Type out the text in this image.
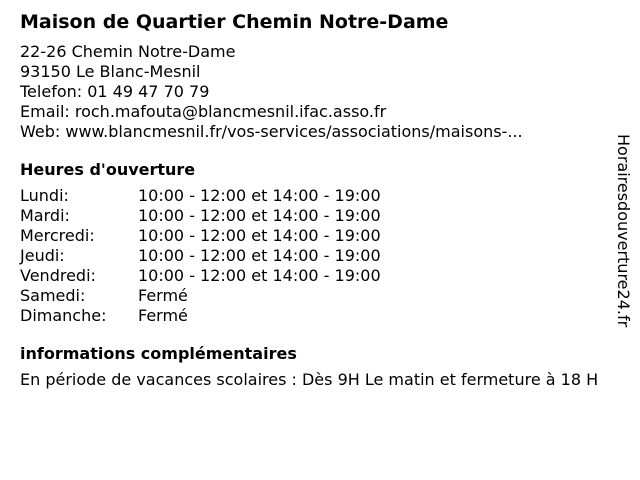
Maison de Quartier Chemin Notre-Dame
22-26 Chemin Notre-Dame
93150 Le Blanc-Mesnil
Telefon: 01 49 47 70 79
Email: roch.mafouta@blancmesnil.ifac.asso.fr
Web: www.blancmesnil.fr/vos-services/associations/maisons-...
Heures d'ouverture
Lundi:	10:00 - 12:00 et 14:00 - 19:00
Mardi:	10:00 - 12:00 et 14:00 - 19:00
Mercredi:	10:00 - 12:00 et 14:00 - 19:00
Jeudi:	10:00 - 12:00 et 14:00 - 19:00
Vendredi:	10:00 - 12:00 et 14:00 - 19:00
Samedi:	Fermé
Dimanche:	Fermé
informations complémentaires
En période de vacances scolaires : Dès 9H Le matin et fermeture à 18 H
Horairesdouverture24.fr
